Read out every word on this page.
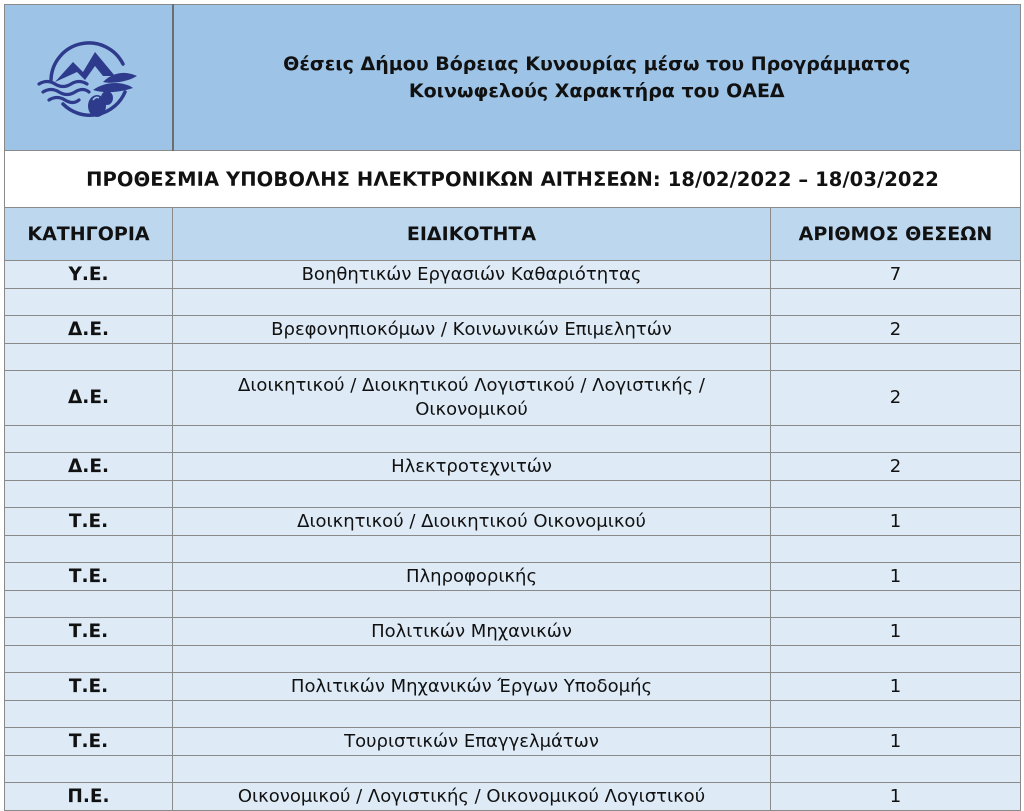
Θέσεις Δήμου Βόρειας Κυνουρίας μέσω του Προγράμματος
Κοινωφελούς Χαρακτήρα του ΟΑΕΔ	

ΠΡΟΘΕΣΜΙΑ ΥΠΟΒΟΛΗΣ ΗΛΕΚΤΡΟΝΙΚΩΝ ΑΙΤΗΣΕΩΝ: 18/02/2022 – 18/03/2022		
ΚΑΤΗΓΟΡΙΑ	ΕΙΔΙΚΟΤΗΤΑ	ΑΡΙΘΜΟΣ ΘΕΣΕΩΝ
Υ.Ε.	Βοηθητικών Εργασιών Καθαριότητας	7

Δ.Ε.	Βρεφονηπιοκόμων / Κοινωνικών Επιμελητών	2

Δ.Ε.	Διοικητικού / Διοικητικού Λογιστικού / Λογιστικής /
Οικονομικού	2

Δ.Ε.	Ηλεκτροτεχνιτών	2

Τ.Ε.	Διοικητικού / Διοικητικού Οικονομικού	1

Τ.Ε.	Πληροφορικής	1

Τ.Ε.	Πολιτικών Μηχανικών	1

Τ.Ε.	Πολιτικών Μηχανικών Έργων Υποδομής	1

Τ.Ε.	Τουριστικών Επαγγελμάτων	1

Π.Ε.	Οικονομικού / Λογιστικής / Οικονομικού Λογιστικού	1
